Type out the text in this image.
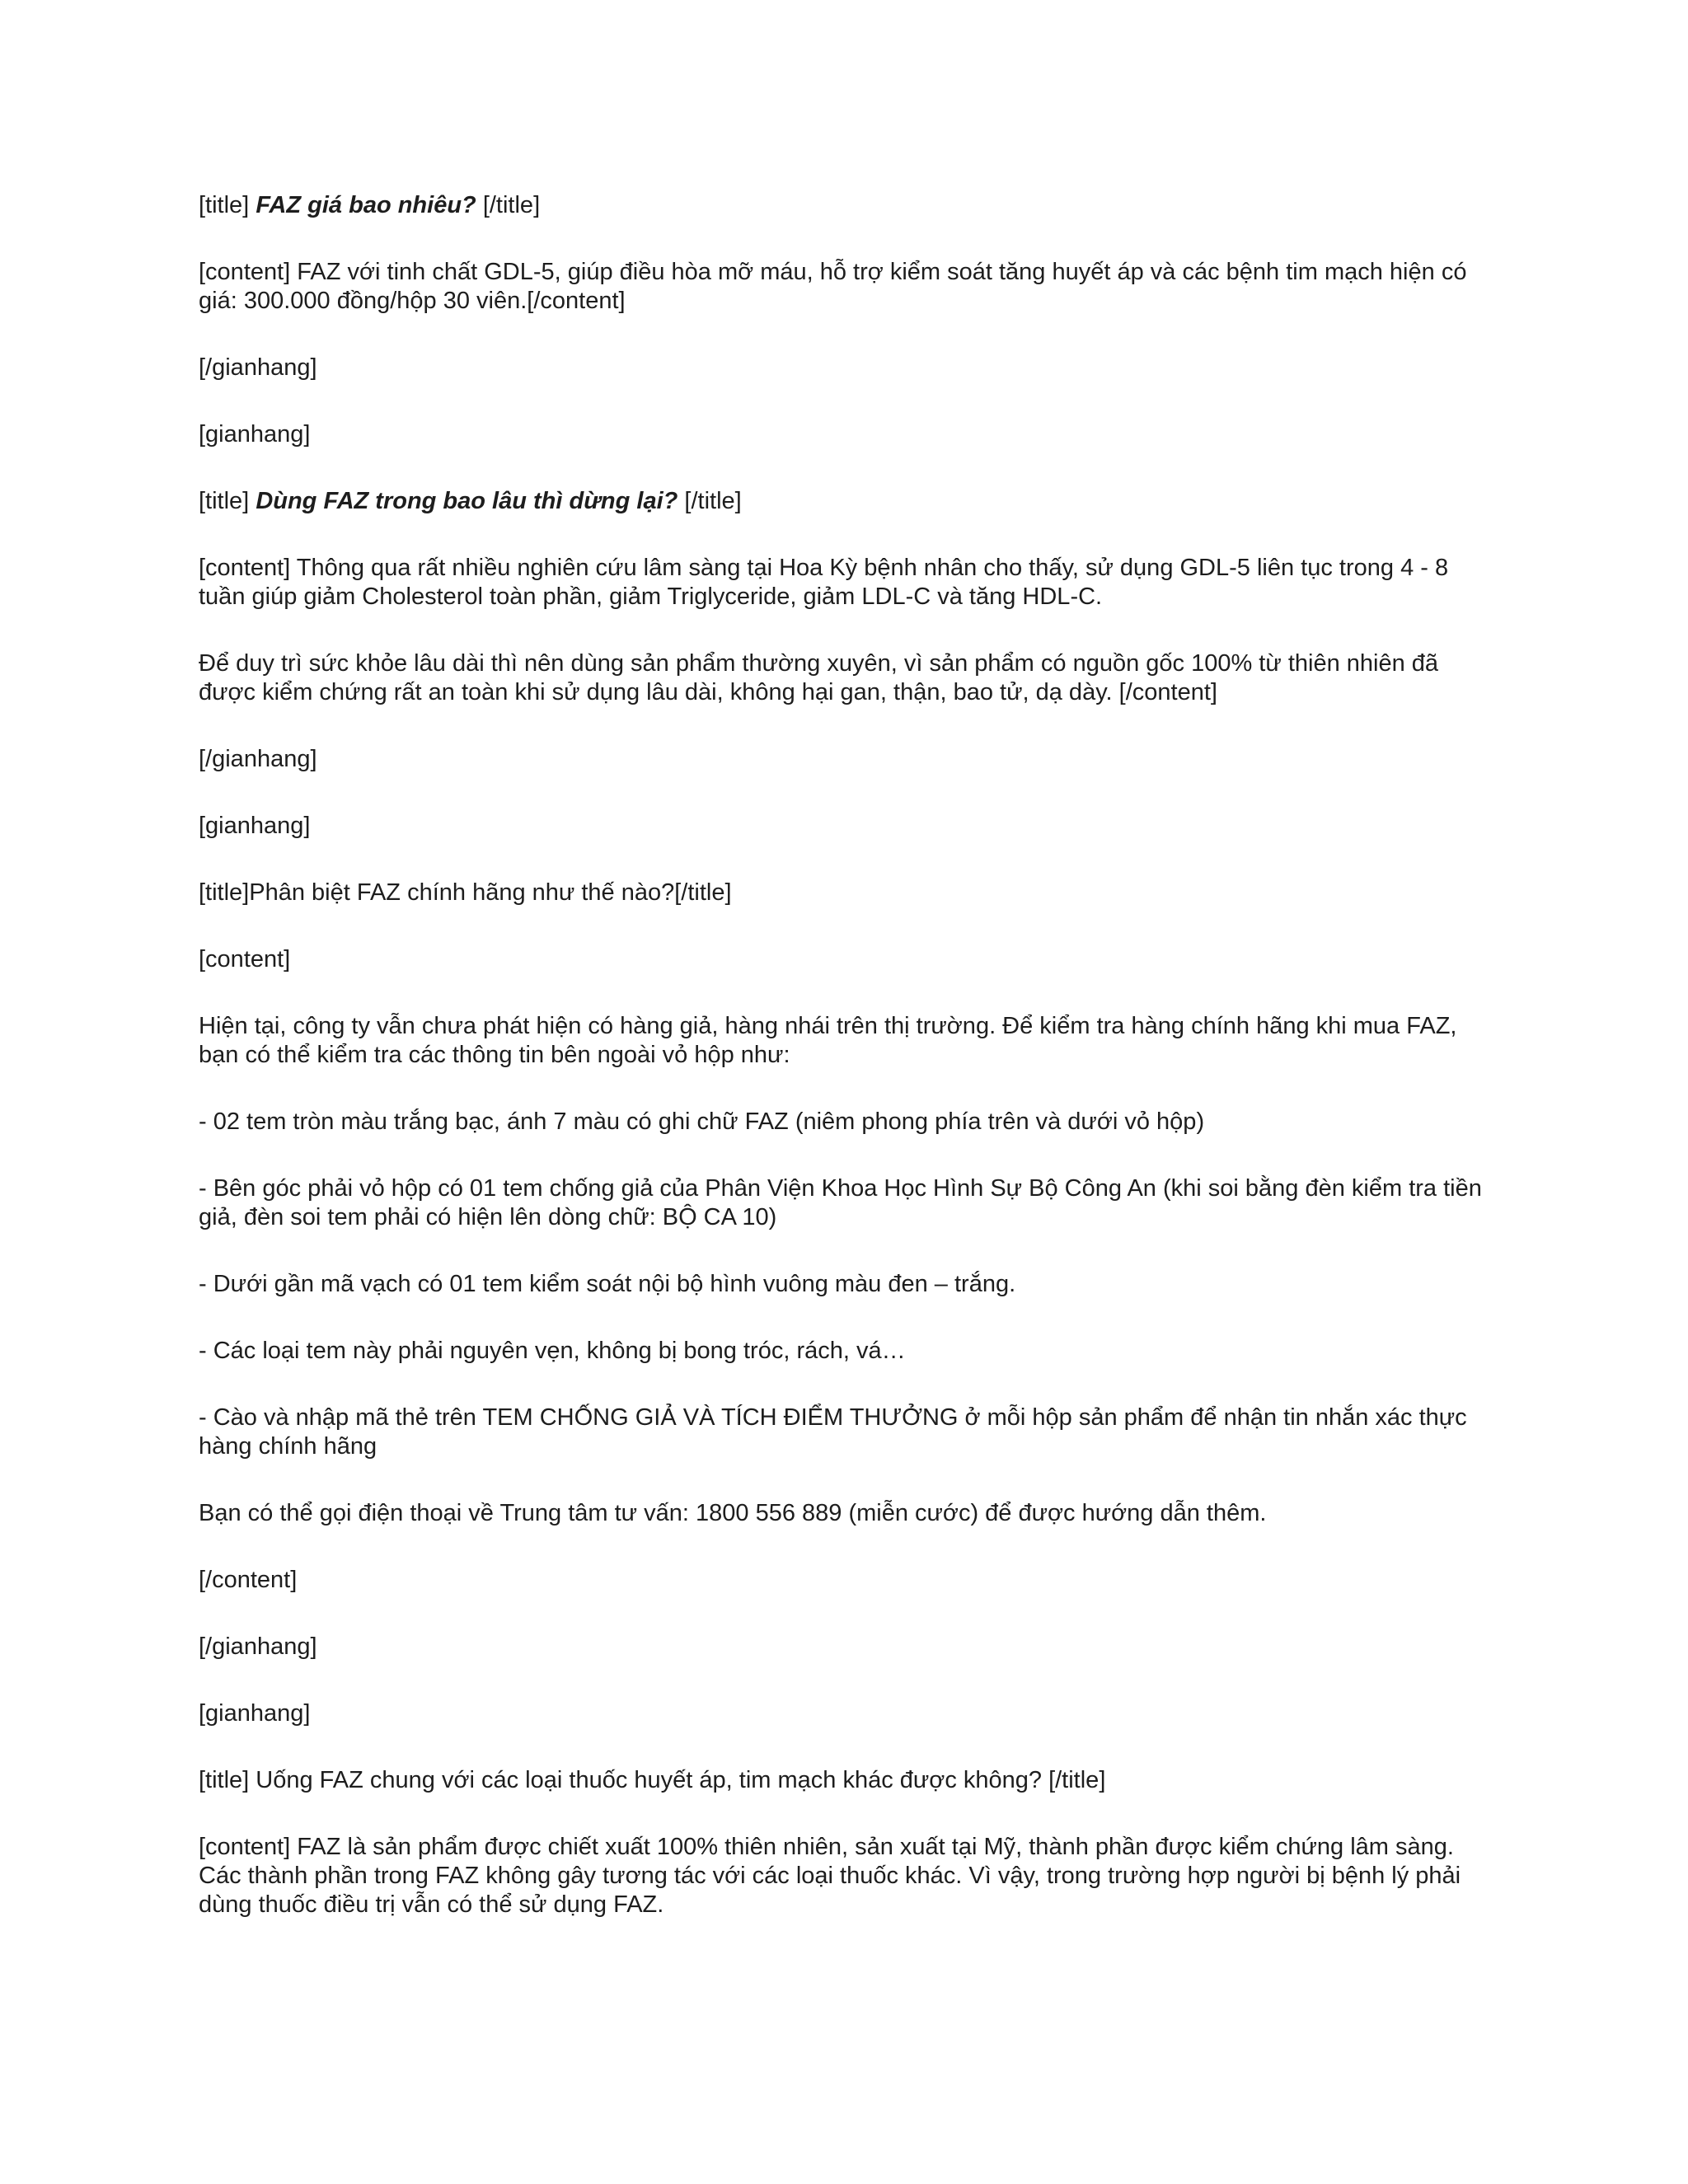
[title] FAZ giá bao nhiêu? [/title]

[content] FAZ với tinh chất GDL-5, giúp điều hòa mỡ máu, hỗ trợ kiểm soát tăng huyết áp và các bệnh tim mạch hiện có giá: 300.000 đồng/hộp 30 viên.[/content]

[/gianhang]

[gianhang]

[title] Dùng FAZ trong bao lâu thì dừng lại? [/title]

[content] Thông qua rất nhiều nghiên cứu lâm sàng tại Hoa Kỳ bệnh nhân cho thấy, sử dụng GDL-5 liên tục trong 4 - 8 tuần giúp giảm Cholesterol toàn phần, giảm Triglyceride, giảm LDL-C và tăng HDL-C.

Để duy trì sức khỏe lâu dài thì nên dùng sản phẩm thường xuyên, vì sản phẩm có nguồn gốc 100% từ thiên nhiên đã được kiểm chứng rất an toàn khi sử dụng lâu dài, không hại gan, thận, bao tử, dạ dày. [/content]

[/gianhang]

[gianhang]

[title]Phân biệt FAZ chính hãng như thế nào?[/title]

[content]

Hiện tại, công ty vẫn chưa phát hiện có hàng giả, hàng nhái trên thị trường. Để kiểm tra hàng chính hãng khi mua FAZ, bạn có thể kiểm tra các thông tin bên ngoài vỏ hộp như:

- 02 tem tròn màu trắng bạc, ánh 7 màu có ghi chữ FAZ (niêm phong phía trên và dưới vỏ hộp)

- Bên góc phải vỏ hộp có 01 tem chống giả của Phân Viện Khoa Học Hình Sự Bộ Công An (khi soi bằng đèn kiểm tra tiền giả, đèn soi tem phải có hiện lên dòng chữ: BỘ CA 10)

- Dưới gần mã vạch có 01 tem kiểm soát nội bộ hình vuông màu đen – trắng.

- Các loại tem này phải nguyên vẹn, không bị bong tróc, rách, vá…

- Cào và nhập mã thẻ trên TEM CHỐNG GIẢ VÀ TÍCH ĐIỂM THƯỞNG ở mỗi hộp sản phẩm để nhận tin nhắn xác thực hàng chính hãng

Bạn có thể gọi điện thoại về Trung tâm tư vấn: 1800 556 889 (miễn cước) để được hướng dẫn thêm.

[/content]

[/gianhang]

[gianhang]

[title] Uống FAZ chung với các loại thuốc huyết áp, tim mạch khác được không? [/title]

[content] FAZ là sản phẩm được chiết xuất 100% thiên nhiên, sản xuất tại Mỹ, thành phần được kiểm chứng lâm sàng. Các thành phần trong FAZ không gây tương tác với các loại thuốc khác. Vì vậy, trong trường hợp người bị bệnh lý phải dùng thuốc điều trị vẫn có thể sử dụng FAZ.
